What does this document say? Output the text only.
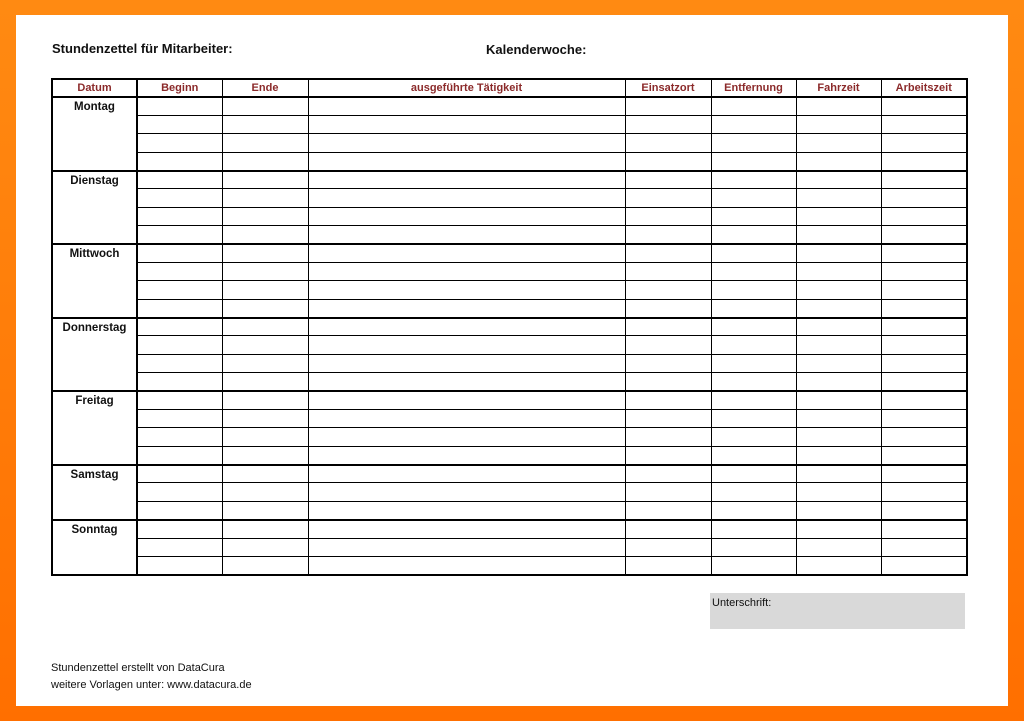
Stundenzettel für Mitarbeiter:	Kalenderwoche:
Datum	Beginn	Ende	ausgeführte Tätigkeit	Einsatzort	Entfernung	Fahrzeit	Arbeitszeit
Montag							

Dienstag							

Mittwoch							

Donnerstag							

Freitag							

Samstag							

Sonntag							

Unterschrift:
Stundenzettel erstellt von DataCura
weitere Vorlagen unter: www.datacura.de
